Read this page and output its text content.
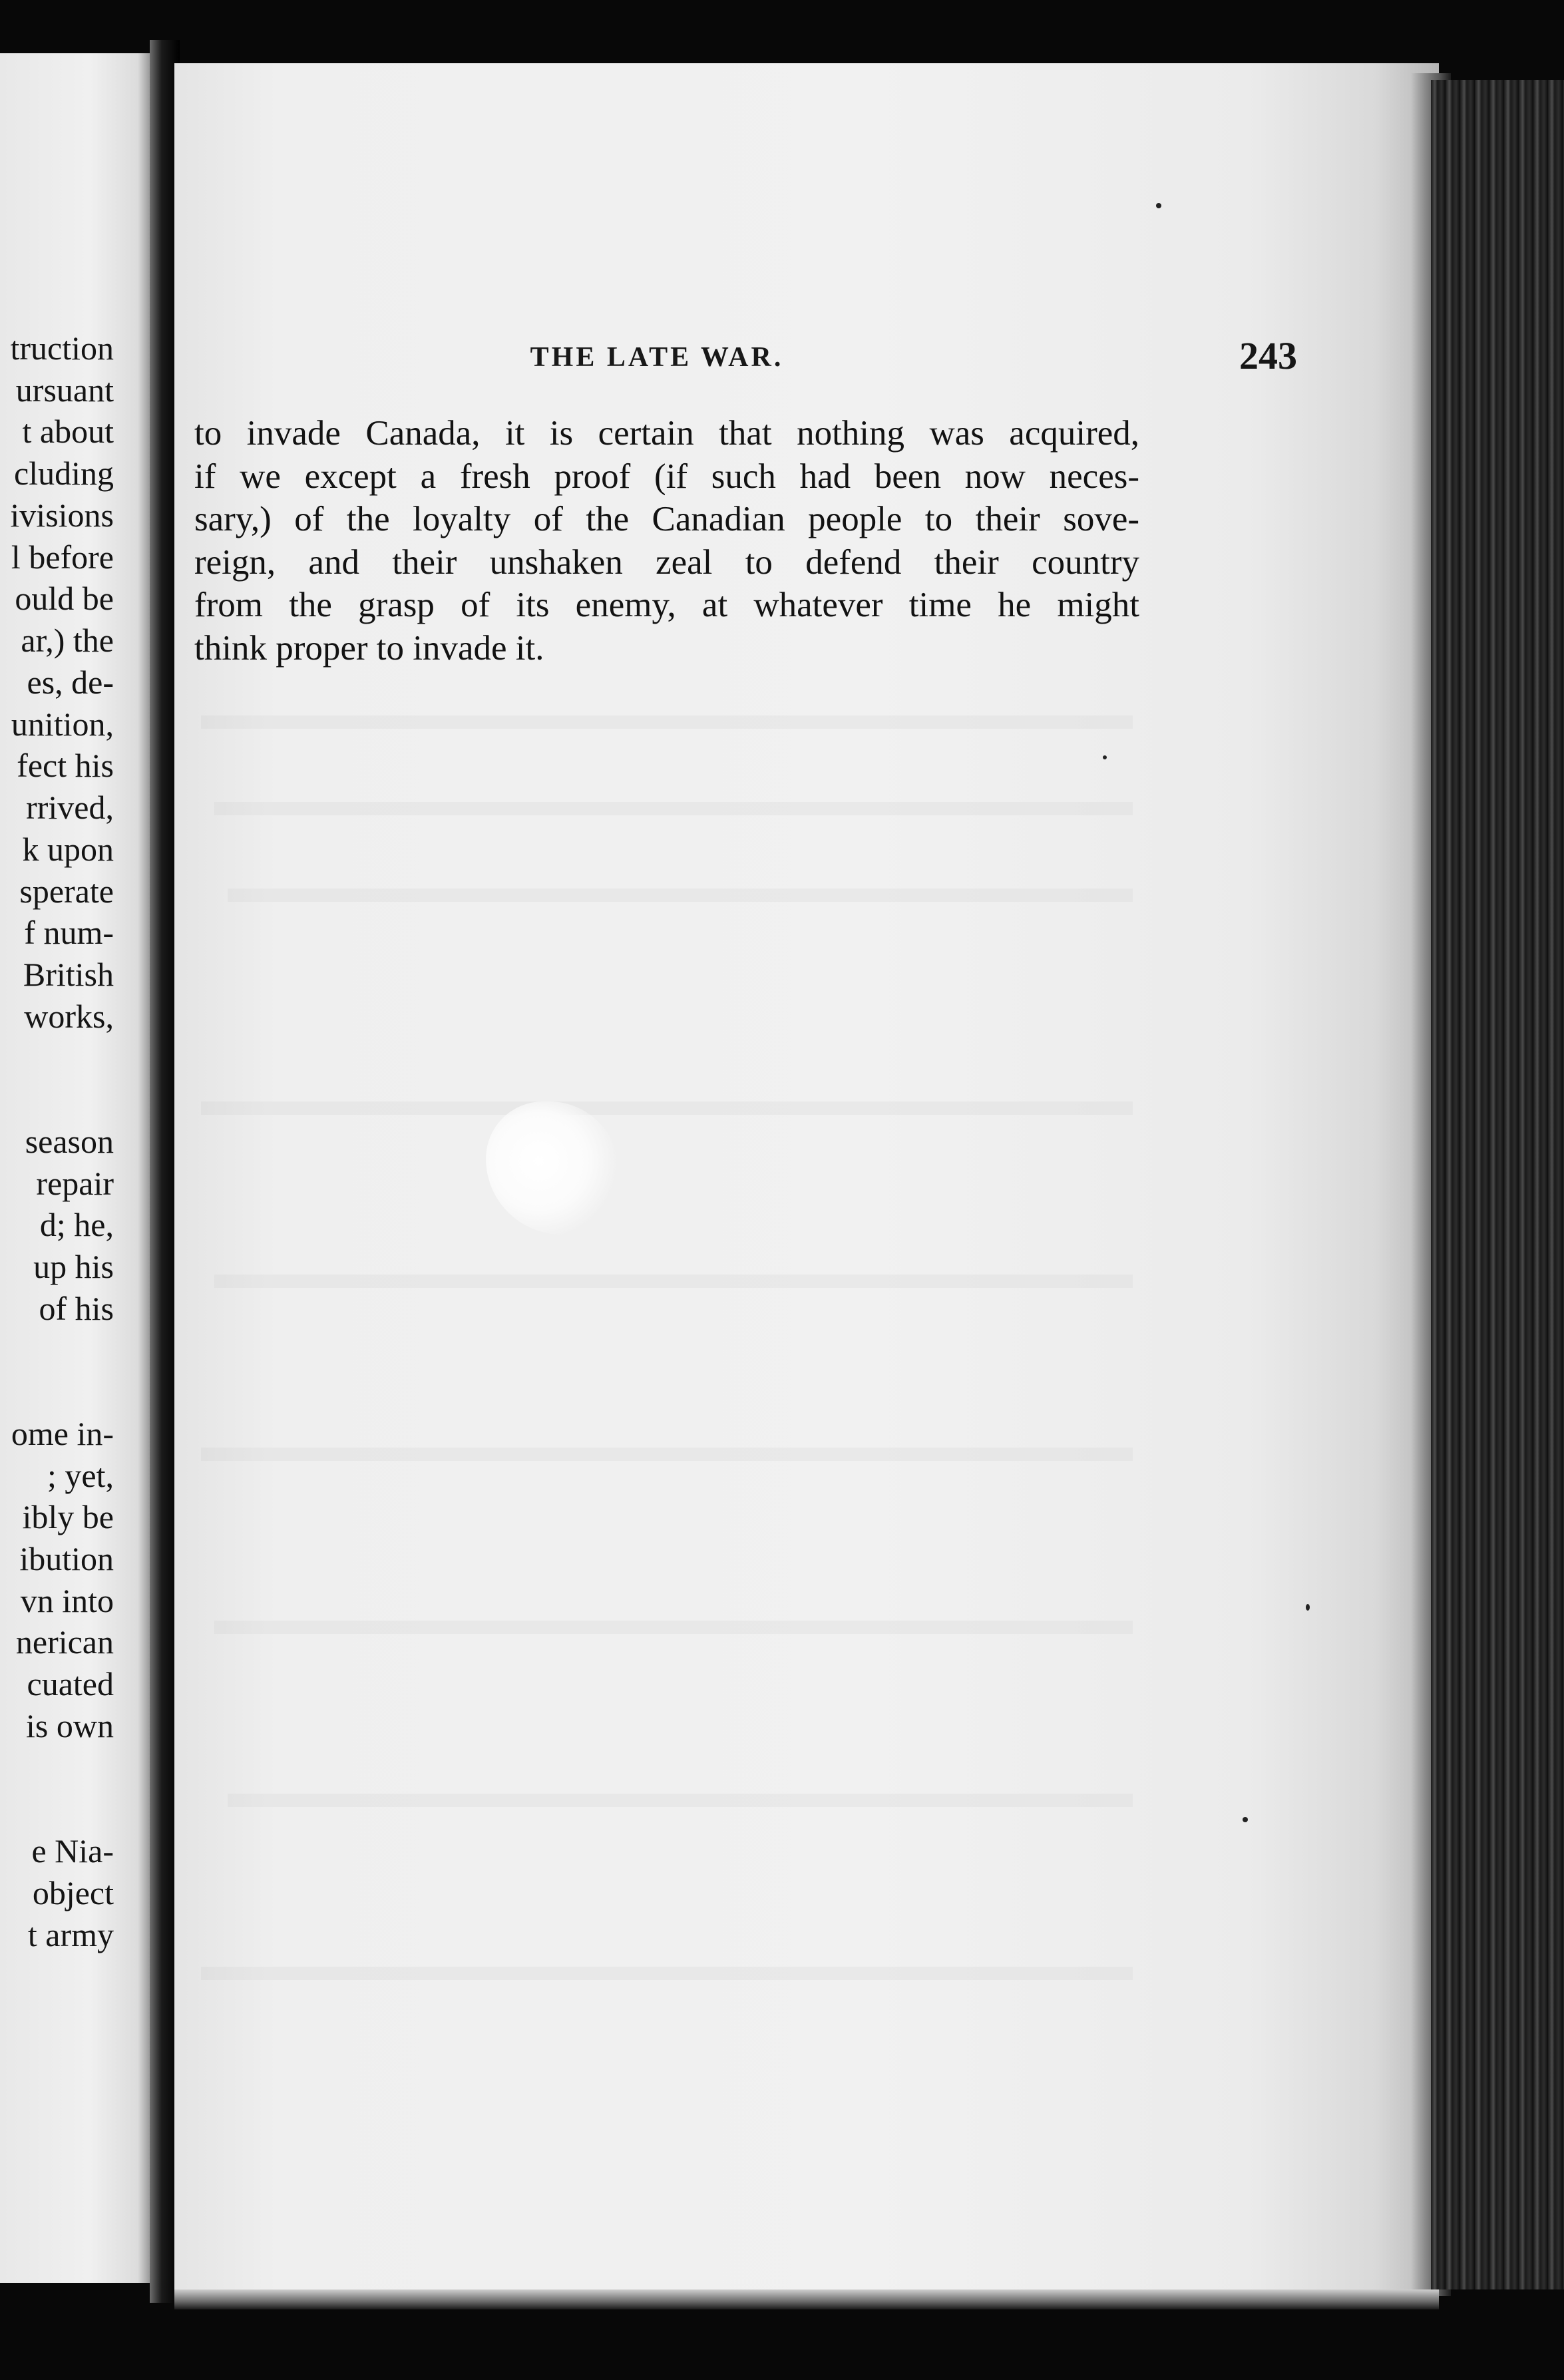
truction
ursuant
t about
cluding
ivisions
l before
ould be
ar,) the
es, de-
unition,
fect his
rrived,
k upon
sperate
f num-
British
works,
season
repair
d; he,
up his
of his
ome in-
; yet,
ibly be
ibution
vn into
nerican
cuated
is own
e Nia-
object
t army
THE LATE WAR.	243
to invade Canada, it is certain that nothing was acquired,
if we except a fresh proof (if such had been now neces-
sary,) of the loyalty of the Canadian people to their sove-
reign, and their unshaken zeal to defend their country
from the grasp of its enemy, at whatever time he might
think proper to invade it.
